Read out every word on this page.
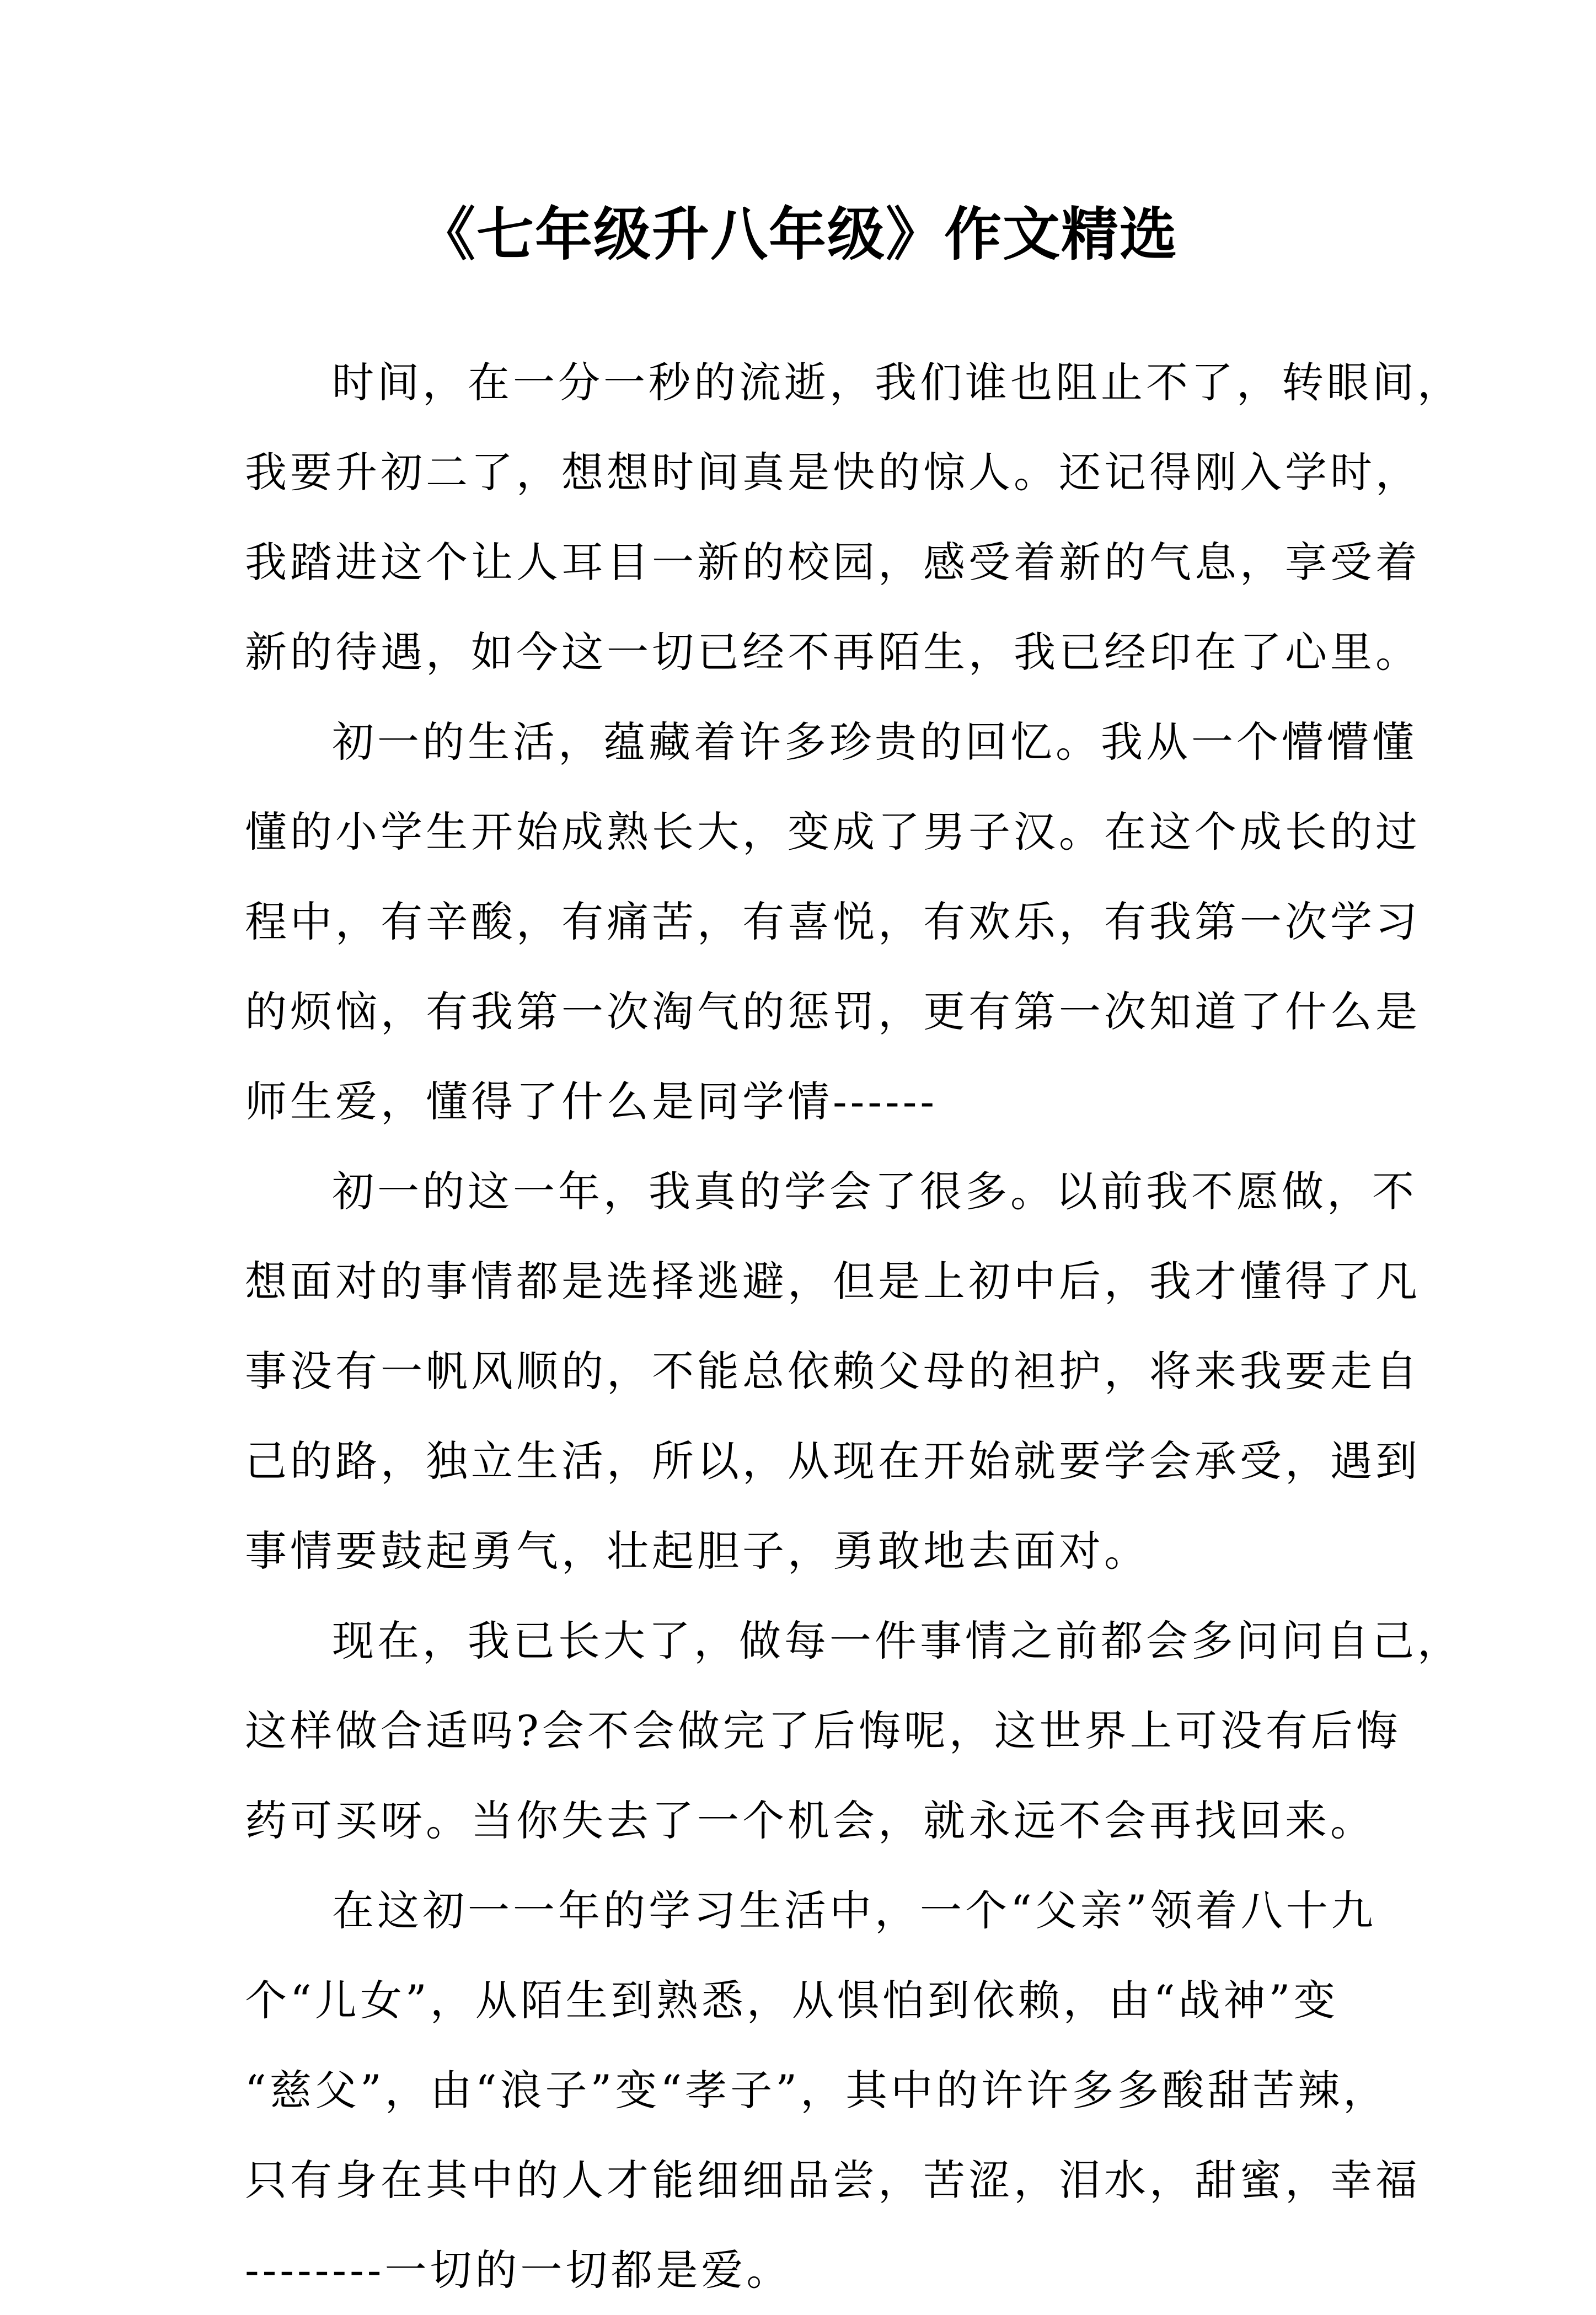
《七年级升八年级》作文精选
时间，在一分一秒的流逝，我们谁也阻止不了，转眼间，
我要升初二了，想想时间真是快的惊人。还记得刚入学时，
我踏进这个让人耳目一新的校园，感受着新的气息，享受着
新的待遇，如今这一切已经不再陌生，我已经印在了心里。
初一的生活，蕴藏着许多珍贵的回忆。我从一个懵懵懂
懂的小学生开始成熟长大，变成了男子汉。在这个成长的过
程中，有辛酸，有痛苦，有喜悦，有欢乐，有我第一次学习
的烦恼，有我第一次淘气的惩罚，更有第一次知道了什么是
师生爱，懂得了什么是同学情------
初一的这一年，我真的学会了很多。以前我不愿做，不
想面对的事情都是选择逃避，但是上初中后，我才懂得了凡
事没有一帆风顺的，不能总依赖父母的袒护，将来我要走自
己的路，独立生活，所以，从现在开始就要学会承受，遇到
事情要鼓起勇气，壮起胆子，勇敢地去面对。
现在，我已长大了，做每一件事情之前都会多问问自己，
这样做合适吗?会不会做完了后悔呢，这世界上可没有后悔
药可买呀。当你失去了一个机会，就永远不会再找回来。
在这初一一年的学习生活中，一个“父亲”领着八十九
个“儿女”，从陌生到熟悉，从惧怕到依赖，由“战神”变
“慈父”，由“浪子”变“孝子”，其中的许许多多酸甜苦辣，
只有身在其中的人才能细细品尝，苦涩，泪水，甜蜜，幸福
--------一切的一切都是爱。
